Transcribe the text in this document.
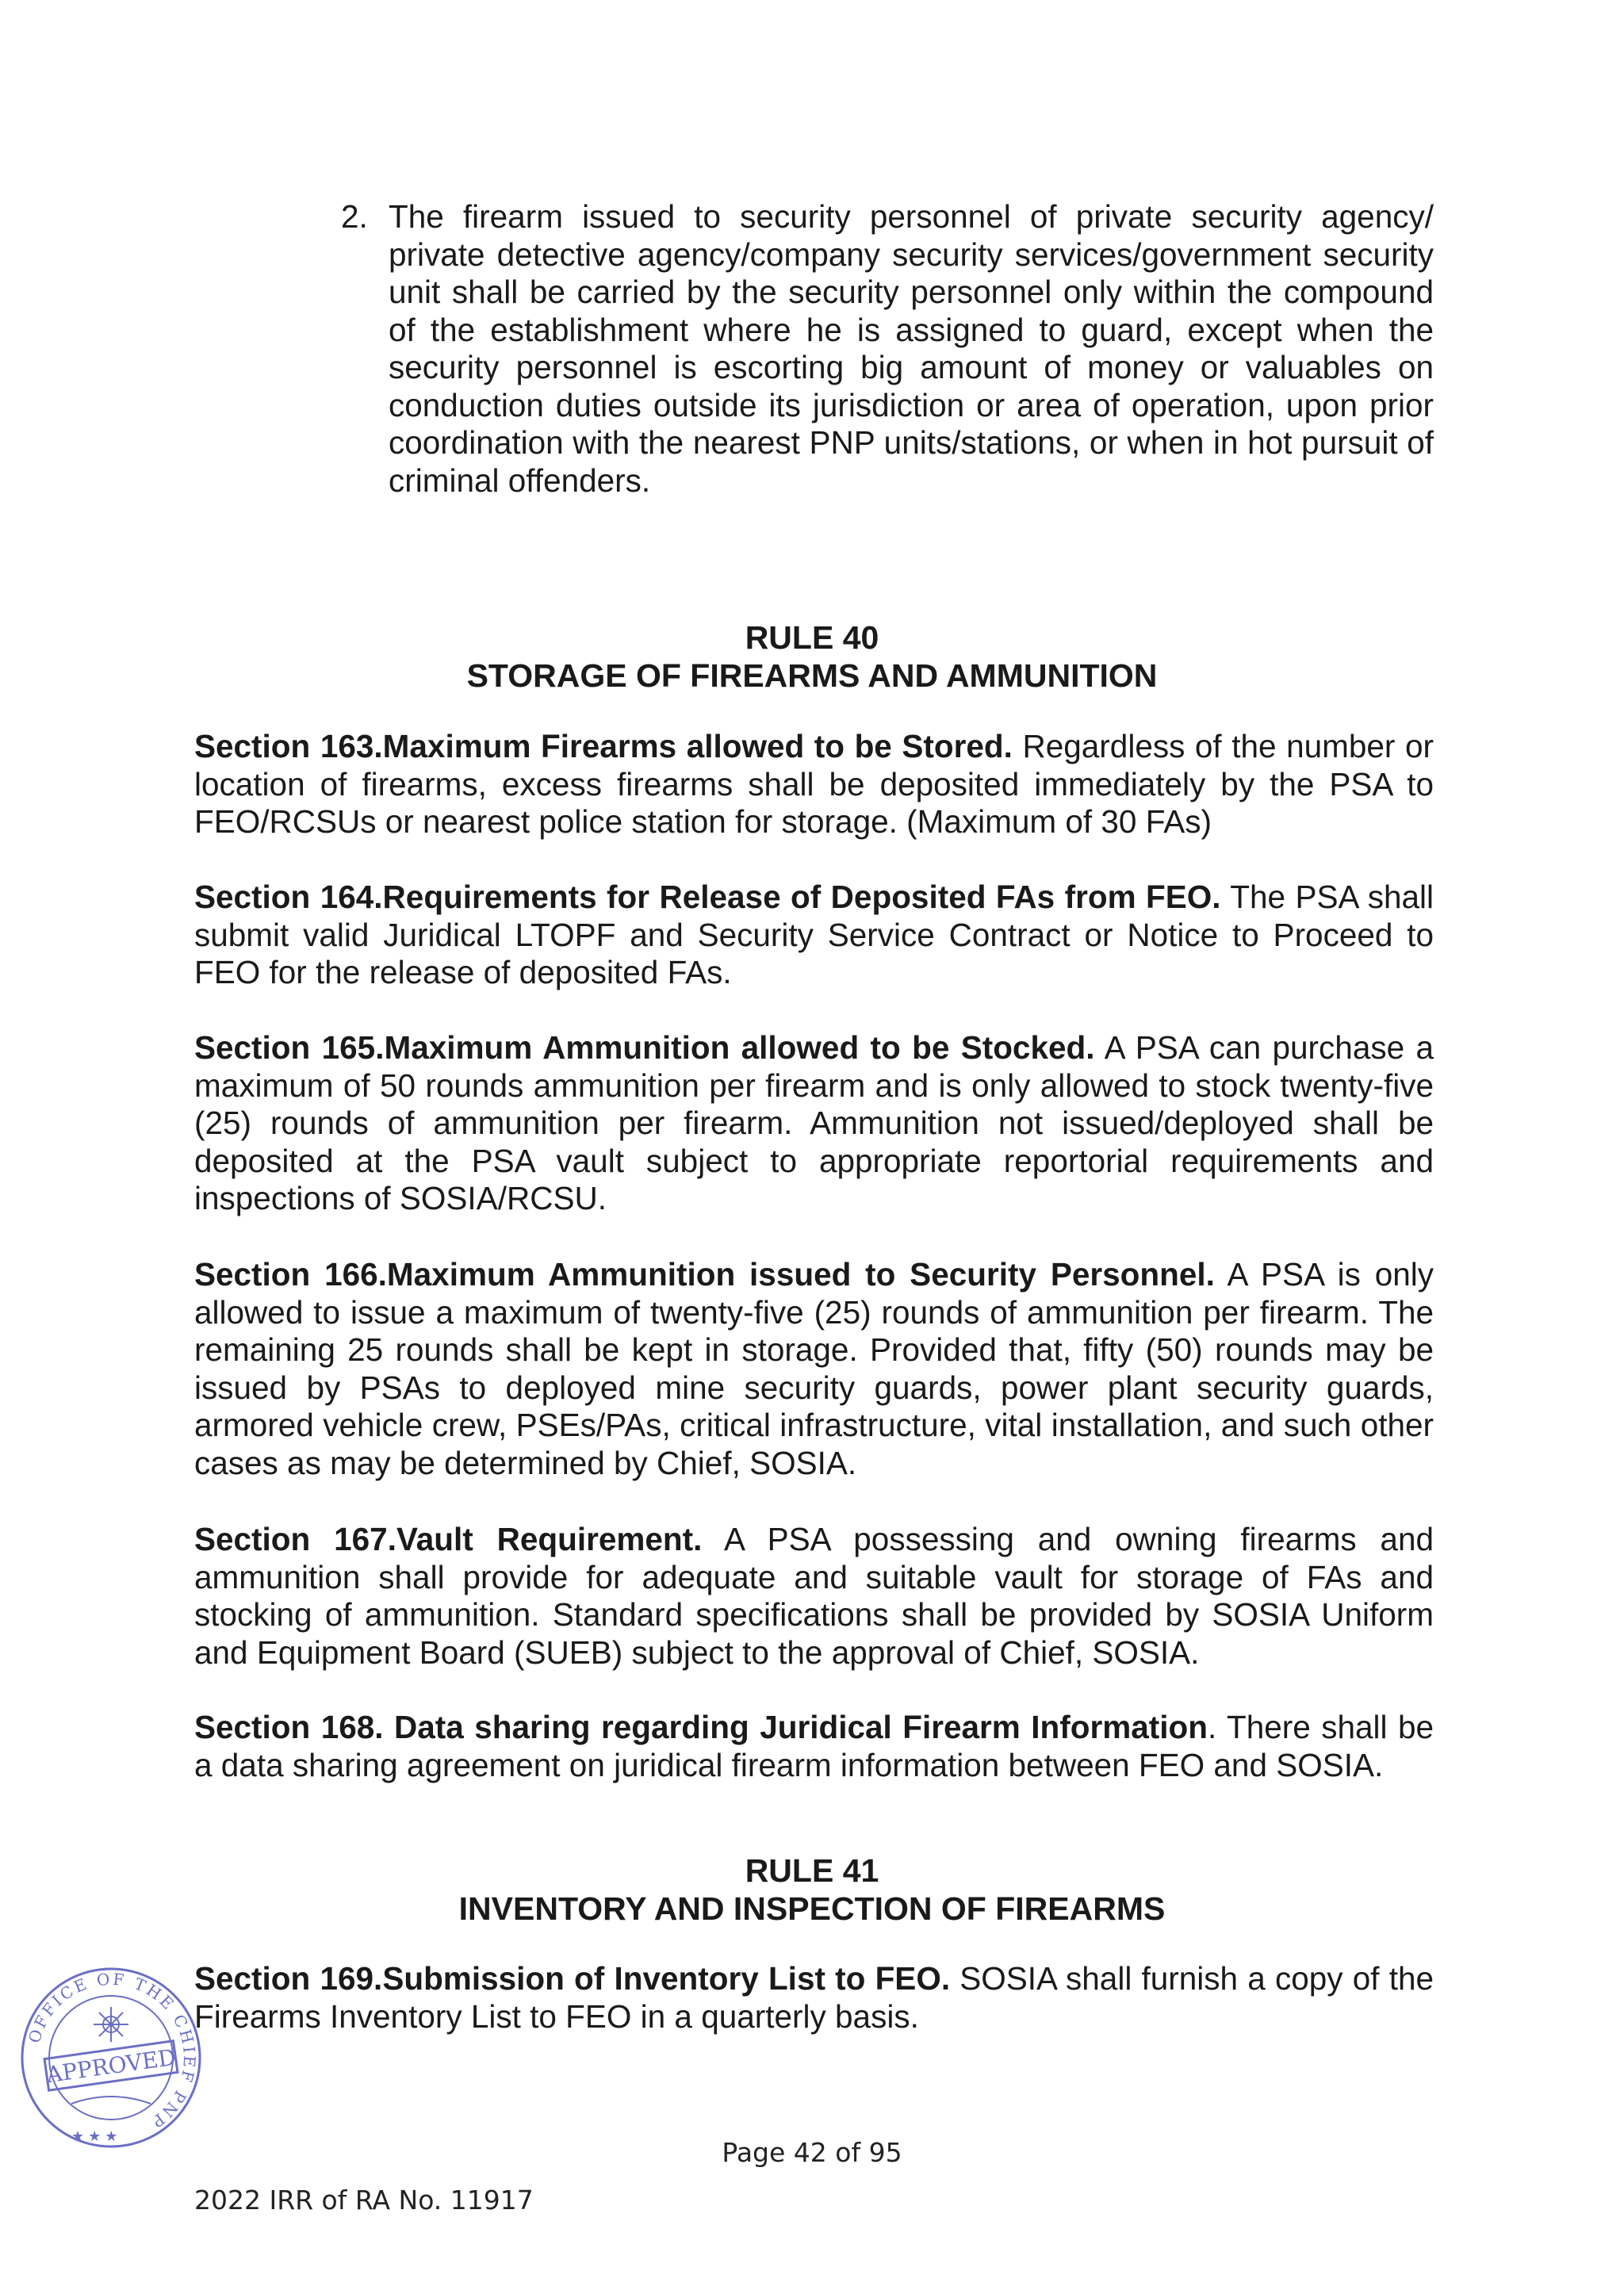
2. The firearm issued to security personnel of private security agency/ private detective agency/company security services/government security unit shall be carried by the security personnel only within the compound of the establishment where he is assigned to guard, except when the security personnel is escorting big amount of money or valuables on conduction duties outside its jurisdiction or area of operation, upon prior coordination with the nearest PNP units/stations, or when in hot pursuit of criminal offenders.

RULE 40
STORAGE OF FIREARMS AND AMMUNITION

Section 163.Maximum Firearms allowed to be Stored. Regardless of the number or location of firearms, excess firearms shall be deposited immediately by the PSA to FEO/RCSUs or nearest police station for storage. (Maximum of 30 FAs)

Section 164.Requirements for Release of Deposited FAs from FEO. The PSA shall submit valid Juridical LTOPF and Security Service Contract or Notice to Proceed to FEO for the release of deposited FAs.

Section 165.Maximum Ammunition allowed to be Stocked. A PSA can purchase a maximum of 50 rounds ammunition per firearm and is only allowed to stock twenty-five (25) rounds of ammunition per firearm. Ammunition not issued/deployed shall be deposited at the PSA vault subject to appropriate reportorial requirements and inspections of SOSIA/RCSU.

Section 166.Maximum Ammunition issued to Security Personnel. A PSA is only allowed to issue a maximum of twenty-five (25) rounds of ammunition per firearm. The remaining 25 rounds shall be kept in storage. Provided that, fifty (50) rounds may be issued by PSAs to deployed mine security guards, power plant security guards, armored vehicle crew, PSEs/PAs, critical infrastructure, vital installation, and such other cases as may be determined by Chief, SOSIA.

Section 167.Vault Requirement. A PSA possessing and owning firearms and ammunition shall provide for adequate and suitable vault for storage of FAs and stocking of ammunition. Standard specifications shall be provided by SOSIA Uniform and Equipment Board (SUEB) subject to the approval of Chief, SOSIA.

Section 168. Data sharing regarding Juridical Firearm Information. There shall be a data sharing agreement on juridical firearm information between FEO and SOSIA.

RULE 41
INVENTORY AND INSPECTION OF FIREARMS

Section 169.Submission of Inventory List to FEO. SOSIA shall furnish a copy of the Firearms Inventory List to FEO in a quarterly basis.

OFFICE OF THE CHIEF PNP
APPROVED
★ ★ ★
Page 42 of 95
2022 IRR of RA No. 11917
